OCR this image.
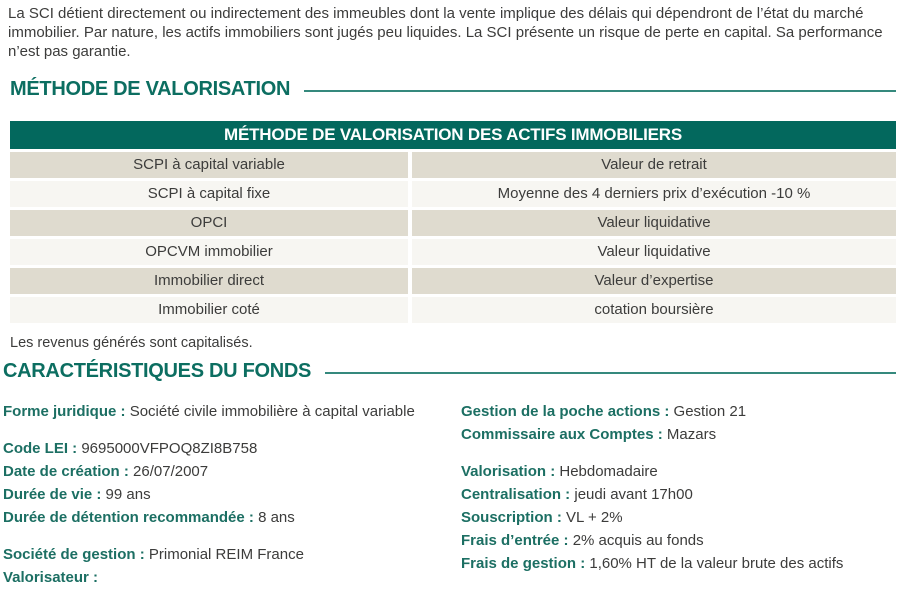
La SCI détient directement ou indirectement des immeubles dont la vente implique des délais qui dépendront de l’état du marché immobilier. Par nature, les actifs immobiliers sont jugés peu liquides. La SCI présente un risque de perte en capital. Sa performance n’est pas garantie.

MÉTHODE DE VALORISATION
MÉTHODE DE VALORISATION DES ACTIFS IMMOBILIERS
SCPI à capital variable	Valeur de retrait
SCPI à capital fixe	Moyenne des 4 derniers prix d’exécution -10 %
OPCI	Valeur liquidative
OPCVM immobilier	Valeur liquidative
Immobilier direct	Valeur d’expertise
Immobilier coté	cotation boursière

Les revenus générés sont capitalisés.

CARACTÉRISTIQUES DU FONDS
Forme juridique : Société civile immobilière à capital variable
Code LEI : 9695000VFPOQ8ZI8B758
Date de création : 26/07/2007
Durée de vie : 99 ans
Durée de détention recommandée : 8 ans
Société de gestion : Primonial REIM France
Valorisateur :
Gestion de la poche actions : Gestion 21
Commissaire aux Comptes : Mazars
Valorisation : Hebdomadaire
Centralisation : jeudi avant 17h00
Souscription : VL + 2%
Frais d’entrée : 2% acquis au fonds
Frais de gestion : 1,60% HT de la valeur brute des actifs
